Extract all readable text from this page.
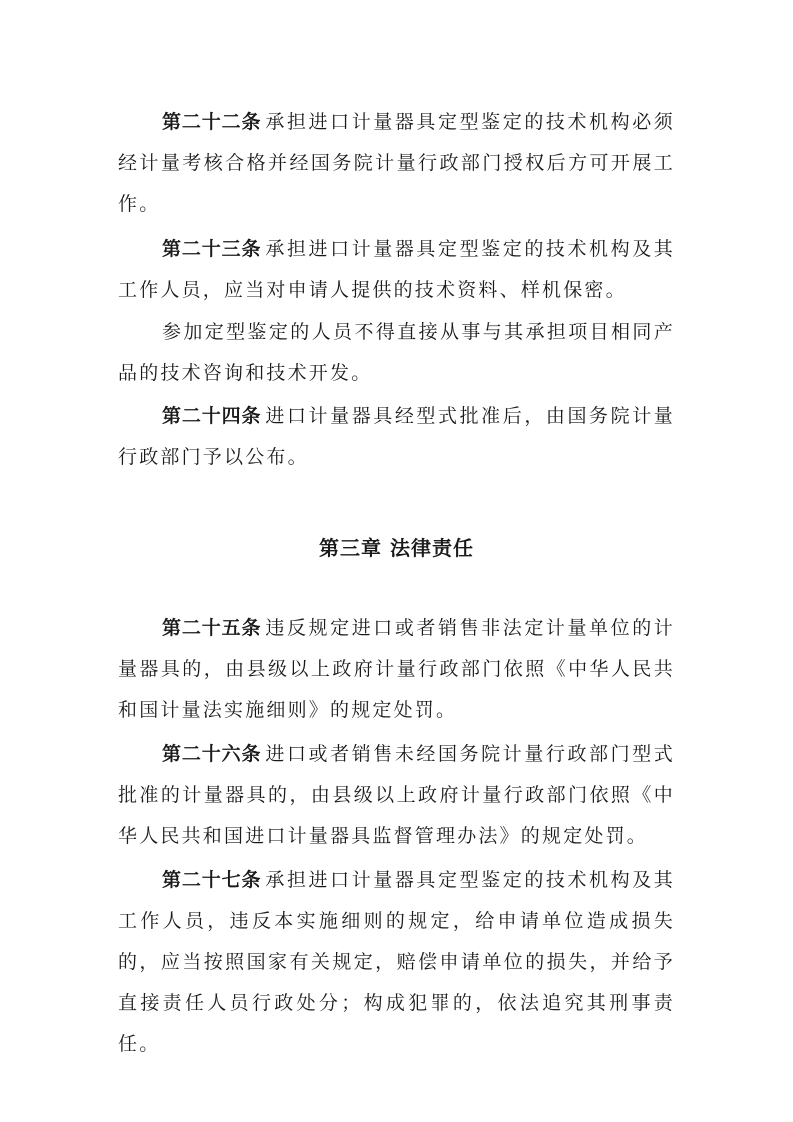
第二十二条 承担进口计量器具定型鉴定的技术机构必须经计量考核合格并经国务院计量行政部门授权后方可开展工作。

第二十三条 承担进口计量器具定型鉴定的技术机构及其工作人员，应当对申请人提供的技术资料、样机保密。

参加定型鉴定的人员不得直接从事与其承担项目相同产品的技术咨询和技术开发。

第二十四条 进口计量器具经型式批准后，由国务院计量行政部门予以公布。

第三章 法律责任

第二十五条 违反规定进口或者销售非法定计量单位的计量器具的，由县级以上政府计量行政部门依照《中华人民共和国计量法实施细则》的规定处罚。

第二十六条 进口或者销售未经国务院计量行政部门型式批准的计量器具的，由县级以上政府计量行政部门依照《中华人民共和国进口计量器具监督管理办法》的规定处罚。

第二十七条 承担进口计量器具定型鉴定的技术机构及其工作人员，违反本实施细则的规定，给申请单位造成损失的，应当按照国家有关规定，赔偿申请单位的损失，并给予直接责任人员行政处分；构成犯罪的，依法追究其刑事责任。
